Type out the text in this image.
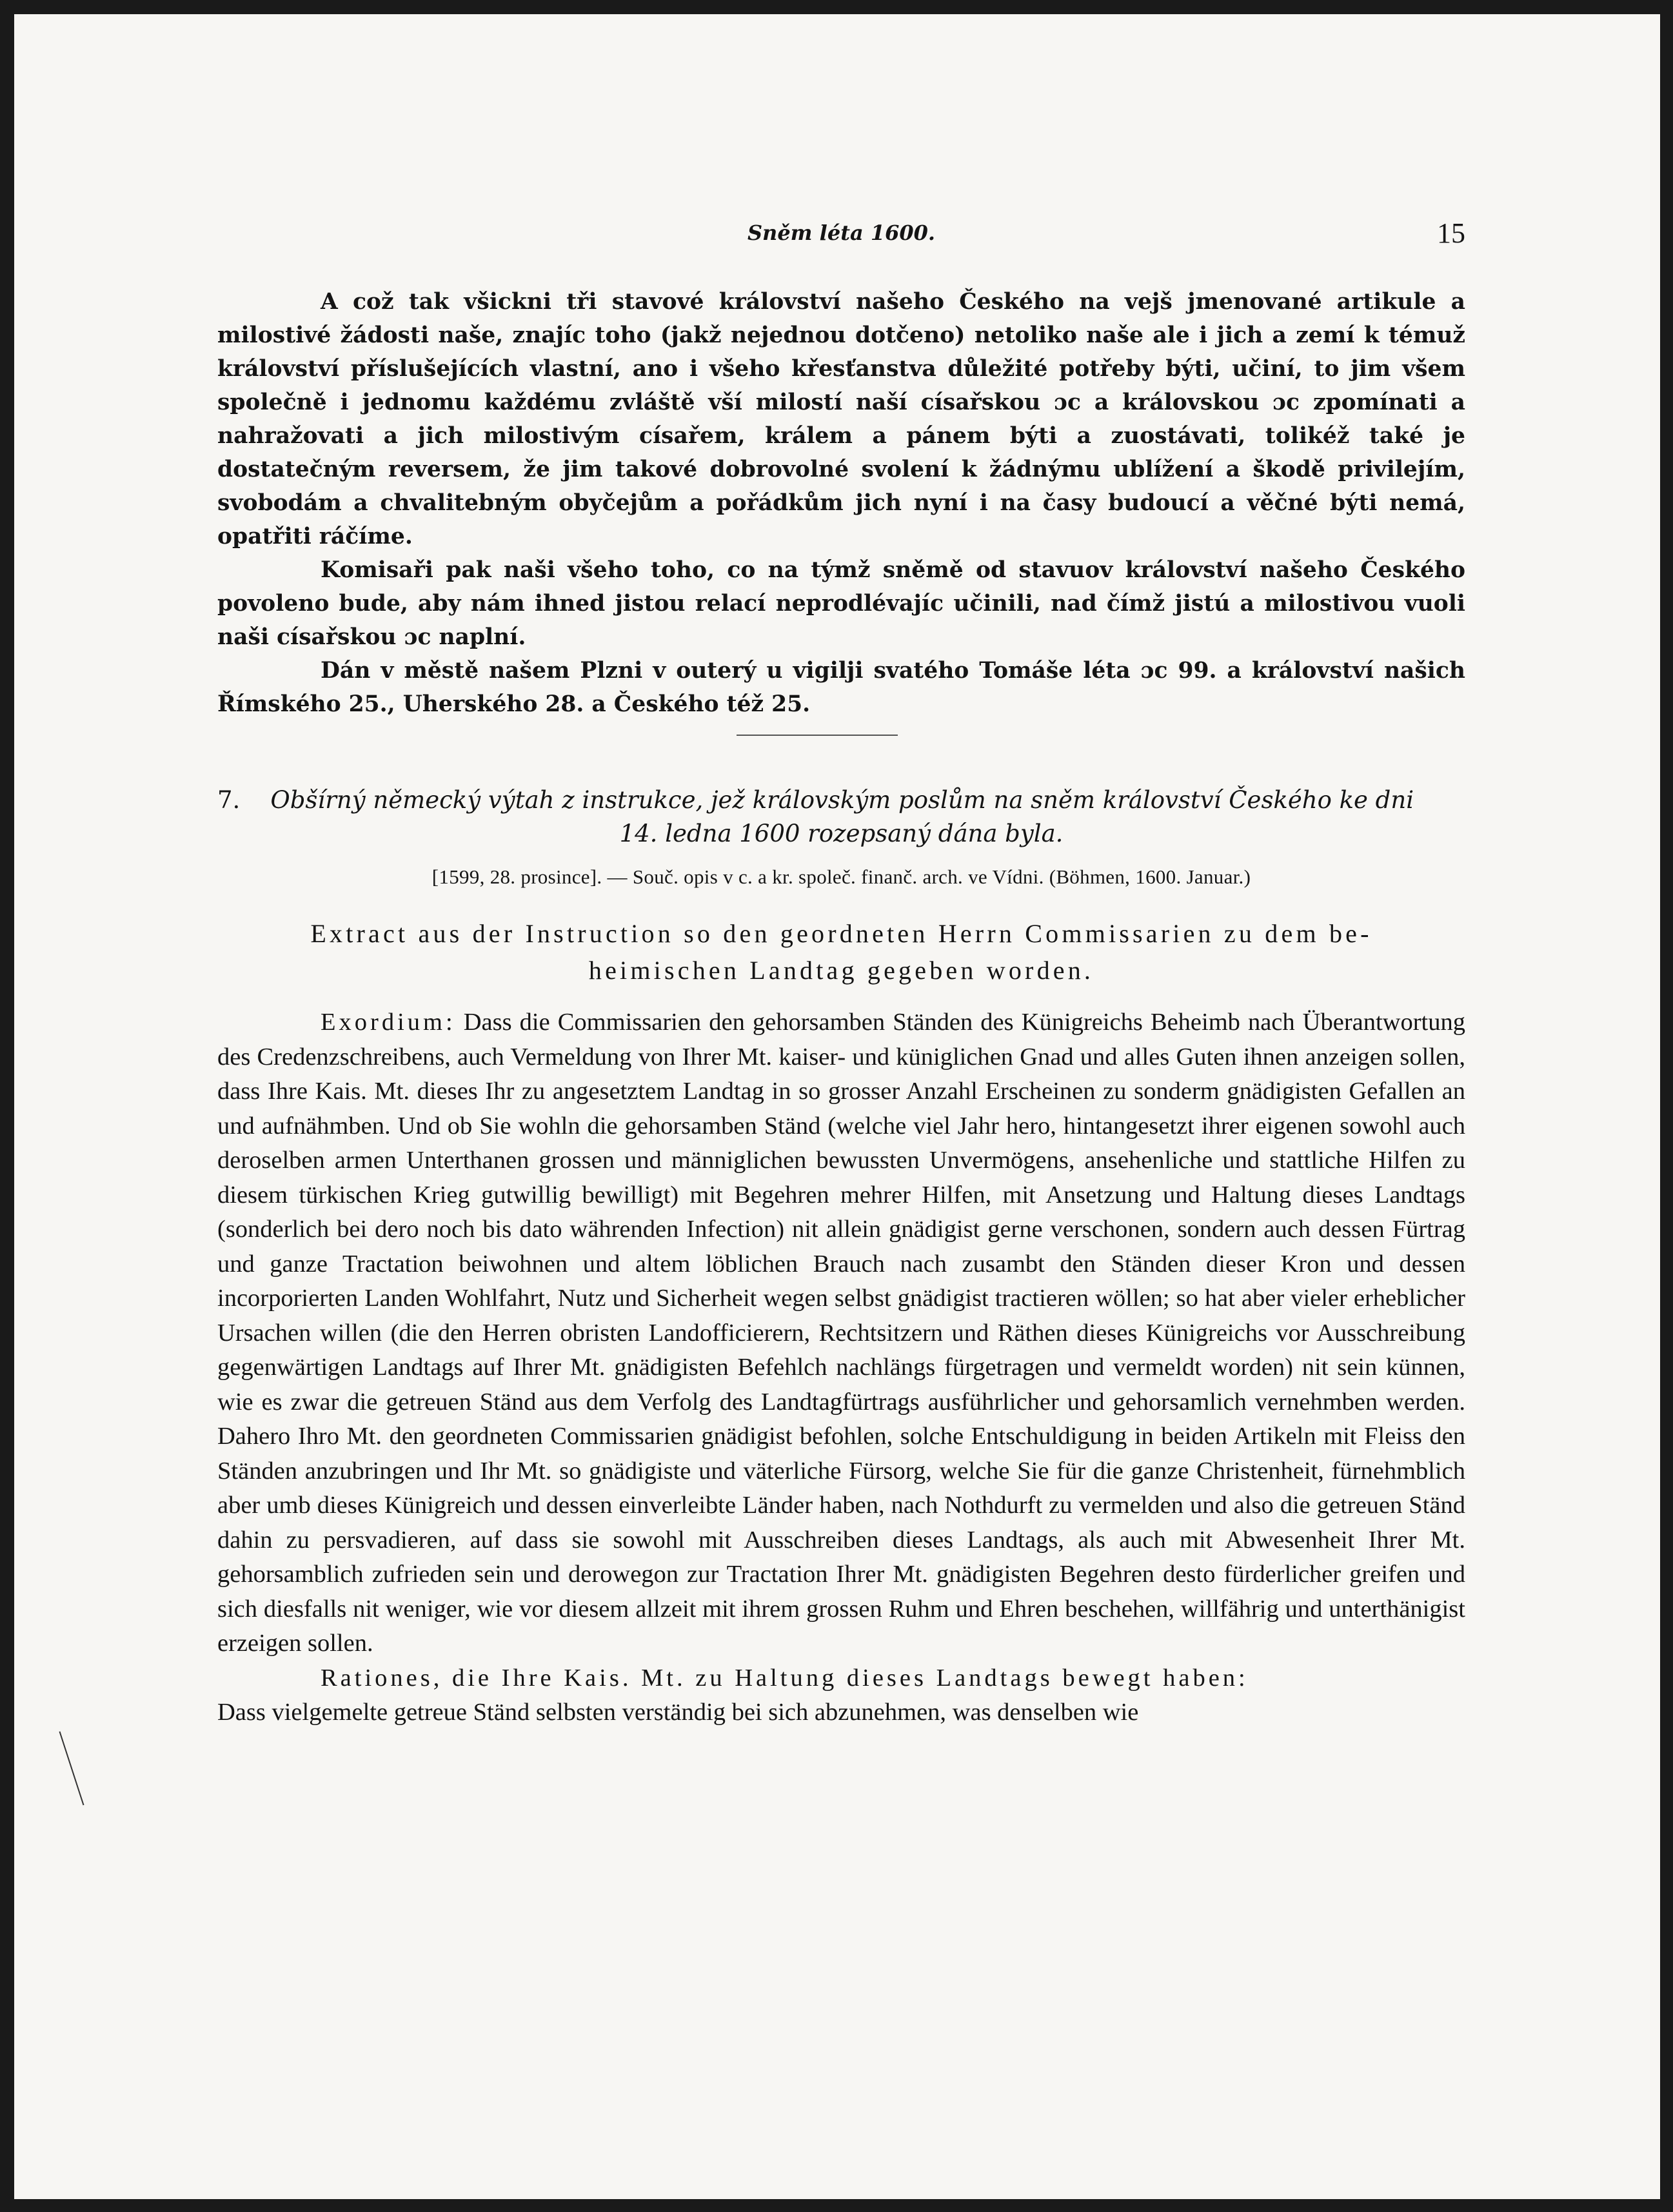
Sněm léta 1600.	15

A což tak všickni tři stavové království našeho Českého na vejš jmenované artikule a milostivé žádosti naše, znajíc toho (jakž nejednou dotčeno) netoliko naše ale i jich a zemí k témuž království příslušejících vlastní, ano i všeho křesťanstva důležité potřeby býti, učiní, to jim všem společně i jednomu každému zvláště vší milostí naší císařskou ɔc a královskou ɔc zpomínati a nahražovati a jich milostivým císařem, králem a pánem býti a zuostávati, tolikéž také je dostatečným reversem, že jim takové dobrovolné svolení k žádnýmu ublížení a škodě privilejím, svobodám a chvalitebným obyčejům a pořádkům jich nyní i na časy budoucí a věčné býti nemá, opatřiti ráčíme.

Komisaři pak naši všeho toho, co na týmž sněmě od stavuov království našeho Českého povoleno bude, aby nám ihned jistou relací neprodlévajíc učinili, nad čímž jistú a milostivou vuoli naši císařskou ɔc naplní.

Dán v městě našem Plzni v outerý u vigilji svatého Tomáše léta ɔc 99. a království našich Římského 25., Uherského 28. a Českého též 25.

7. Obšírný německý výtah z instrukce, jež královským poslům na sněm království Českého ke dni
14. ledna 1600 rozepsaný dána byla.
[1599, 28. prosince]. — Souč. opis v c. a kr. společ. finanč. arch. ve Vídni. (Böhmen, 1600. Januar.)
Extract aus der Instruction so den geordneten Herrn Commissarien zu dem be-
heimischen Landtag gegeben worden.

Exordium: Dass die Commissarien den gehorsamben Ständen des Künigreichs Beheimb nach Überantwortung des Credenzschreibens, auch Vermeldung von Ihrer Mt. kaiser- und küniglichen Gnad und alles Guten ihnen anzeigen sollen, dass Ihre Kais. Mt. dieses Ihr zu angesetztem Landtag in so grosser Anzahl Erscheinen zu sonderm gnädigisten Gefallen an und aufnähmben. Und ob Sie wohln die gehorsamben Ständ (welche viel Jahr hero, hintangesetzt ihrer eigenen sowohl auch deroselben armen Unterthanen grossen und männiglichen bewussten Unvermögens, ansehenliche und stattliche Hilfen zu diesem türkischen Krieg gutwillig bewilligt) mit Begehren mehrer Hilfen, mit Ansetzung und Haltung dieses Landtags (sonderlich bei dero noch bis dato währenden Infection) nit allein gnädigist gerne verschonen, sondern auch dessen Fürtrag und ganze Tractation beiwohnen und altem löblichen Brauch nach zusambt den Ständen dieser Kron und dessen incorporierten Landen Wohlfahrt, Nutz und Sicherheit wegen selbst gnädigist tractieren wöllen; so hat aber vieler erheblicher Ursachen willen (die den Herren obristen Landofficierern, Rechtsitzern und Räthen dieses Künigreichs vor Ausschreibung gegenwärtigen Landtags auf Ihrer Mt. gnädigisten Befehlch nachlängs fürgetragen und vermeldt worden) nit sein künnen, wie es zwar die getreuen Ständ aus dem Verfolg des Landtagfürtrags ausführlicher und gehorsamlich vernehmben werden. Dahero Ihro Mt. den geordneten Commissarien gnädigist befohlen, solche Entschuldigung in beiden Artikeln mit Fleiss den Ständen anzubringen und Ihr Mt. so gnädigiste und väterliche Fürsorg, welche Sie für die ganze Christenheit, fürnehmblich aber umb dieses Künigreich und dessen einverleibte Länder haben, nach Nothdurft zu vermelden und also die getreuen Ständ dahin zu persvadieren, auf dass sie sowohl mit Ausschreiben dieses Landtags, als auch mit Abwesenheit Ihrer Mt. gehorsamblich zufrieden sein und derowegon zur Tractation Ihrer Mt. gnädigisten Begehren desto fürderlicher greifen und sich diesfalls nit weniger, wie vor diesem allzeit mit ihrem grossen Ruhm und Ehren beschehen, willfährig und unterthänigist erzeigen sollen.

Rationes, die Ihre Kais. Mt. zu Haltung dieses Landtags bewegt haben:

Dass vielgemelte getreue Ständ selbsten verständig bei sich abzunehmen, was denselben wie
